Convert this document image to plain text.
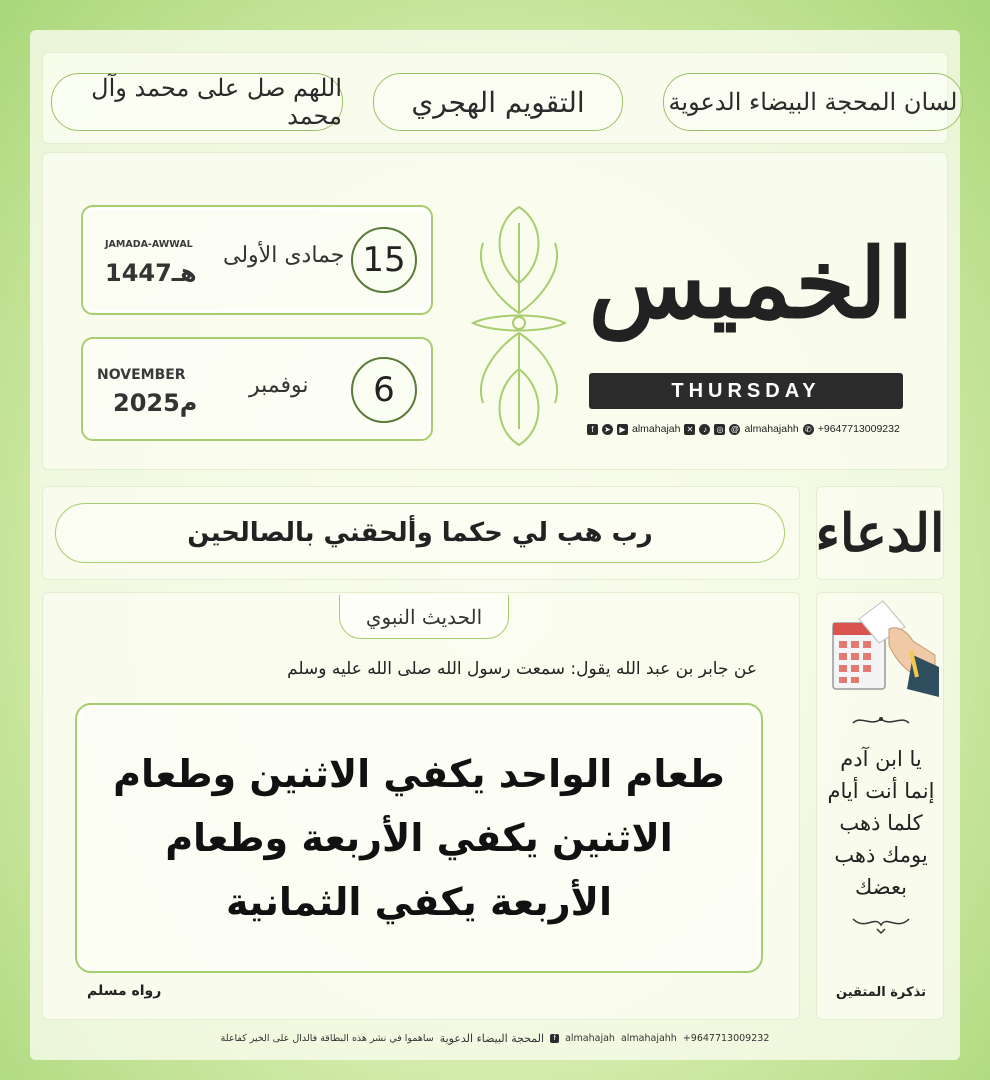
لسان المحجة البيضاء الدعوية
التقويم الهجري
اللهم صل على محمد وآل محمد
15
جمادى الأولى
JAMADA-AWWAL
1447هـ
6
نوفمبر
NOVEMBER
2025م
الخميس
THURSDAY
f	➤	▶ almahajah ✕	♪	◎ @ almahajahh ✆ +9647713009232
الدعاء
رب هب لي حكما وألحقني بالصالحين
الحديث النبوي
عن جابر بن عبد الله يقول: سمعت رسول الله صلى الله عليه وسلم
طعام الواحد يكفي الاثنين وطعام الاثنين يكفي الأربعة وطعام الأربعة يكفي الثمانية
رواه مسلم
يا ابن آدم
إنما أنت أيام
كلما ذهب
يومك ذهب
بعضك
تذكرة المتقين
ساهموا في نشر هذه البطاقة فالدال على الخير كفاعلة المحجة البيضاء الدعوية	f almahajah almahajahh +9647713009232
